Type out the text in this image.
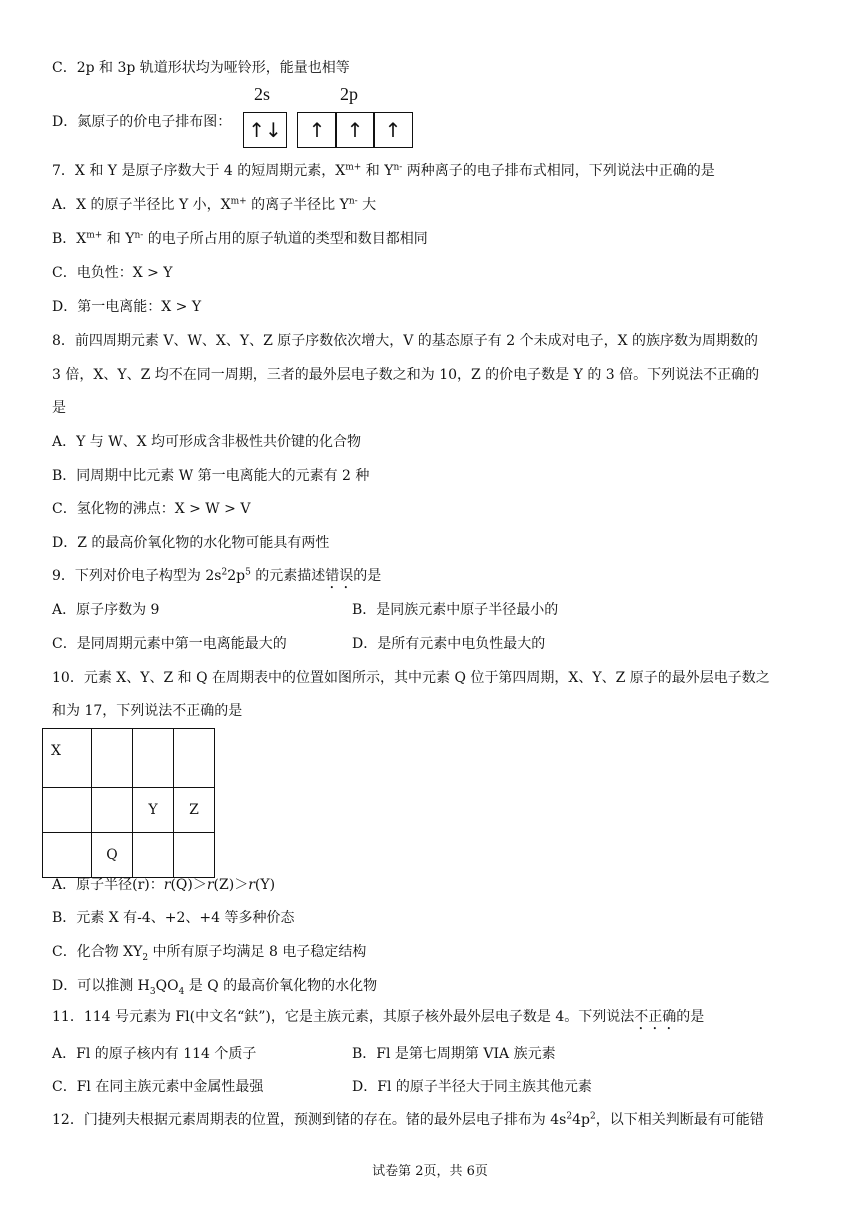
C．2p 和 3p 轨道形状均为哑铃形，能量也相等
D．氮原子的价电子排布图：
2s	2p
↑↓ ↑ ↑ ↑
7．X 和 Y 是原子序数大于 4 的短周期元素，$X^{m+}$ 和 $Y^{n-}$ 两种离子的电子排布式相同，下列说法中正确的是
A．X 的原子半径比 Y 小，$X^{m+}$ 的离子半径比 $Y^{n-}$ 大
B．$X^{m+}$ 和 $Y^{n-}$ 的电子所占用的原子轨道的类型和数目都相同
C．电负性：X > Y
D．第一电离能：X > Y
8．前四周期元素 V、W、X、Y、Z 原子序数依次增大，V 的基态原子有 2 个未成对电子，X 的族序数为周期数的
3 倍，X、Y、Z 均不在同一周期，三者的最外层电子数之和为 10，Z 的价电子数是 Y 的 3 倍。下列说法不正确的
是
A．Y 与 W、X 均可形成含非极性共价键的化合物
B．同周期中比元素 W 第一电离能大的元素有 2 种
C．氢化物的沸点：X > W > V
D．Z 的最高价氧化物的水化物可能具有两性
9．下列对价电子构型为 $2s^22p^5$ 的元素描述错误的是
A．原子序数为 9	B．是同族元素中原子半径最小的
C．是同周期元素中第一电离能最大的	D．是所有元素中电负性最大的
10．元素 X、Y、Z 和 Q 在周期表中的位置如图所示，其中元素 Q 位于第四周期，X、Y、Z 原子的最外层电子数之
和为 17，下列说法不正确的是
X			
		Y	Z
	Q		
A．原子半径(r)：r(Q)＞r(Z)＞r(Y)
B．元素 X 有-4、+2、+4 等多种价态
C．化合物 $XY_2$ 中所有原子均满足 8 电子稳定结构
D．可以推测 $H_3QO_4$ 是 Q 的最高价氧化物的水化物
11．114 号元素为 Fl(中文名“鈇”)，它是主族元素，其原子核外最外层电子数是 4。下列说法不正确的是
A．Fl 的原子核内有 114 个质子	B．Fl 是第七周期第 VIA 族元素
C．Fl 在同主族元素中金属性最强	D．Fl 的原子半径大于同主族其他元素
12．门捷列夫根据元素周期表的位置，预测到锗的存在。锗的最外层电子排布为 $4s^24p^2$，以下相关判断最有可能错
试卷第 2页，共 6页
